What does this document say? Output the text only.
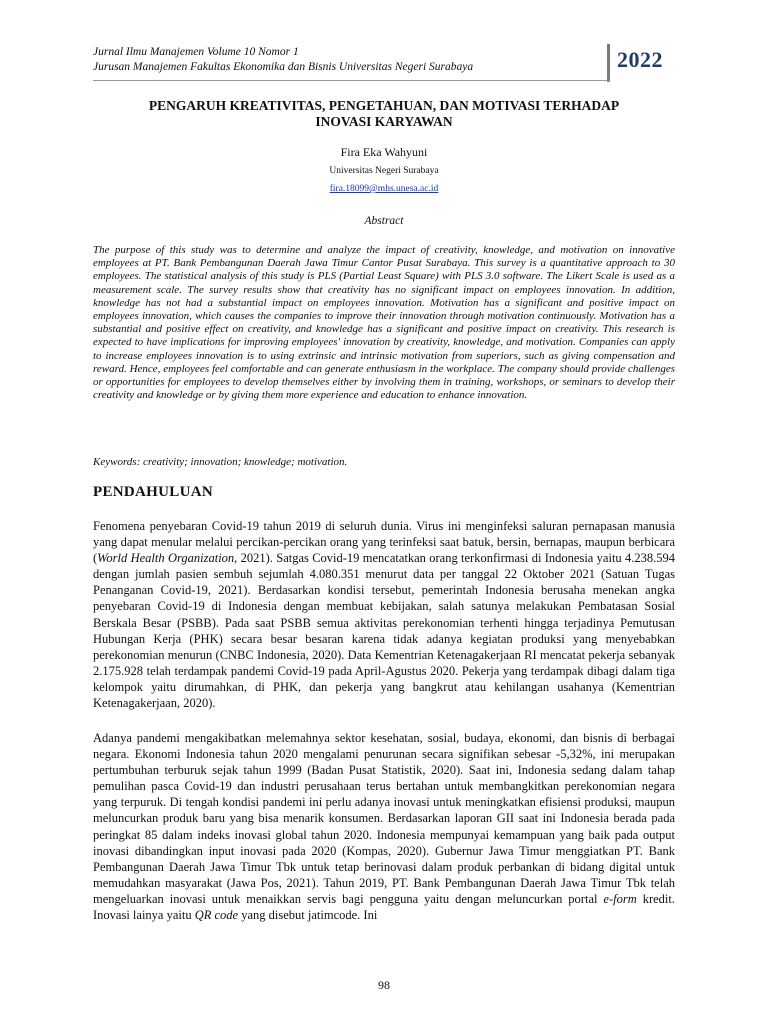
Jurnal Ilmu Manajemen Volume 10 Nomor 1
Jurusan Manajemen Fakultas Ekonomika dan Bisnis Universitas Negeri Surabaya	2022
PENGARUH KREATIVITAS, PENGETAHUAN, DAN MOTIVASI TERHADAP
INOVASI KARYAWAN
Fira Eka Wahyuni
Universitas Negeri Surabaya
fira.18099@mhs.unesa.ac.id
Abstract

The purpose of this study was to determine and analyze the impact of creativity, knowledge, and motivation on innovative employees at PT. Bank Pembangunan Daerah Jawa Timur Cantor Pusat Surabaya. This survey is a quantitative approach to 30 employees. The statistical analysis of this study is PLS (Partial Least Square) with PLS 3.0 software. The Likert Scale is used as a measurement scale. The survey results show that creativity has no significant impact on employees innovation. In addition, knowledge has not had a substantial impact on employees innovation. Motivation has a significant and positive impact on employees innovation, which causes the companies to improve their innovation through motivation continuously. Motivation has a substantial and positive effect on creativity, and knowledge has a significant and positive impact on creativity. This research is expected to have implications for improving employees' innovation by creativity, knowledge, and motivation. Companies can apply to increase employees innovation is to using extrinsic and intrinsic motivation from superiors, such as giving compensation and reward. Hence, employees feel comfortable and can generate enthusiasm in the workplace. The company should provide challenges or opportunities for employees to develop themselves either by involving them in training, workshops, or seminars to develop their creativity and knowledge or by giving them more experience and education to enhance innovation.

Keywords: creativity; innovation; knowledge; motivation.

PENDAHULUAN

Fenomena penyebaran Covid-19 tahun 2019 di seluruh dunia. Virus ini menginfeksi saluran pernapasan manusia yang dapat menular melalui percikan-percikan orang yang terinfeksi saat batuk, bersin, bernapas, maupun berbicara (World Health Organization, 2021). Satgas Covid-19 mencatatkan orang terkonfirmasi di Indonesia yaitu 4.238.594 dengan jumlah pasien sembuh sejumlah 4.080.351 menurut data per tanggal 22 Oktober 2021 (Satuan Tugas Penanganan Covid-19, 2021). Berdasarkan kondisi tersebut, pemerintah Indonesia berusaha menekan angka penyebaran Covid-19 di Indonesia dengan membuat kebijakan, salah satunya melakukan Pembatasan Sosial Berskala Besar (PSBB). Pada saat PSBB semua aktivitas perekonomian terhenti hingga terjadinya Pemutusan Hubungan Kerja (PHK) secara besar besaran karena tidak adanya kegiatan produksi yang menyebabkan perekonomian menurun (CNBC Indonesia, 2020). Data Kementrian Ketenagakerjaan RI mencatat pekerja sebanyak 2.175.928 telah terdampak pandemi Covid-19 pada April-Agustus 2020. Pekerja yang terdampak dibagi dalam tiga kelompok yaitu dirumahkan, di PHK, dan pekerja yang bangkrut atau kehilangan usahanya (Kementrian Ketenagakerjaan, 2020).

Adanya pandemi mengakibatkan melemahnya sektor kesehatan, sosial, budaya, ekonomi, dan bisnis di berbagai negara. Ekonomi Indonesia tahun 2020 mengalami penurunan secara signifikan sebesar -5,32%, ini merupakan pertumbuhan terburuk sejak tahun 1999 (Badan Pusat Statistik, 2020). Saat ini, Indonesia sedang dalam tahap pemulihan pasca Covid-19 dan industri perusahaan terus bertahan untuk membangkitkan perekonomian negara yang terpuruk. Di tengah kondisi pandemi ini perlu adanya inovasi untuk meningkatkan efisiensi produksi, maupun meluncurkan produk baru yang bisa menarik konsumen. Berdasarkan laporan GII saat ini Indonesia berada pada peringkat 85 dalam indeks inovasi global tahun 2020. Indonesia mempunyai kemampuan yang baik pada output inovasi dibandingkan input inovasi pada 2020 (Kompas, 2020). Gubernur Jawa Timur menggiatkan PT. Bank Pembangunan Daerah Jawa Timur Tbk untuk tetap berinovasi dalam produk perbankan di bidang digital untuk memudahkan masyarakat (Jawa Pos, 2021). Tahun 2019, PT. Bank Pembangunan Daerah Jawa Timur Tbk telah mengeluarkan inovasi untuk menaikkan servis bagi pengguna yaitu dengan meluncurkan portal e-form kredit. Inovasi lainya yaitu QR code yang disebut jatimcode. Ini

98
